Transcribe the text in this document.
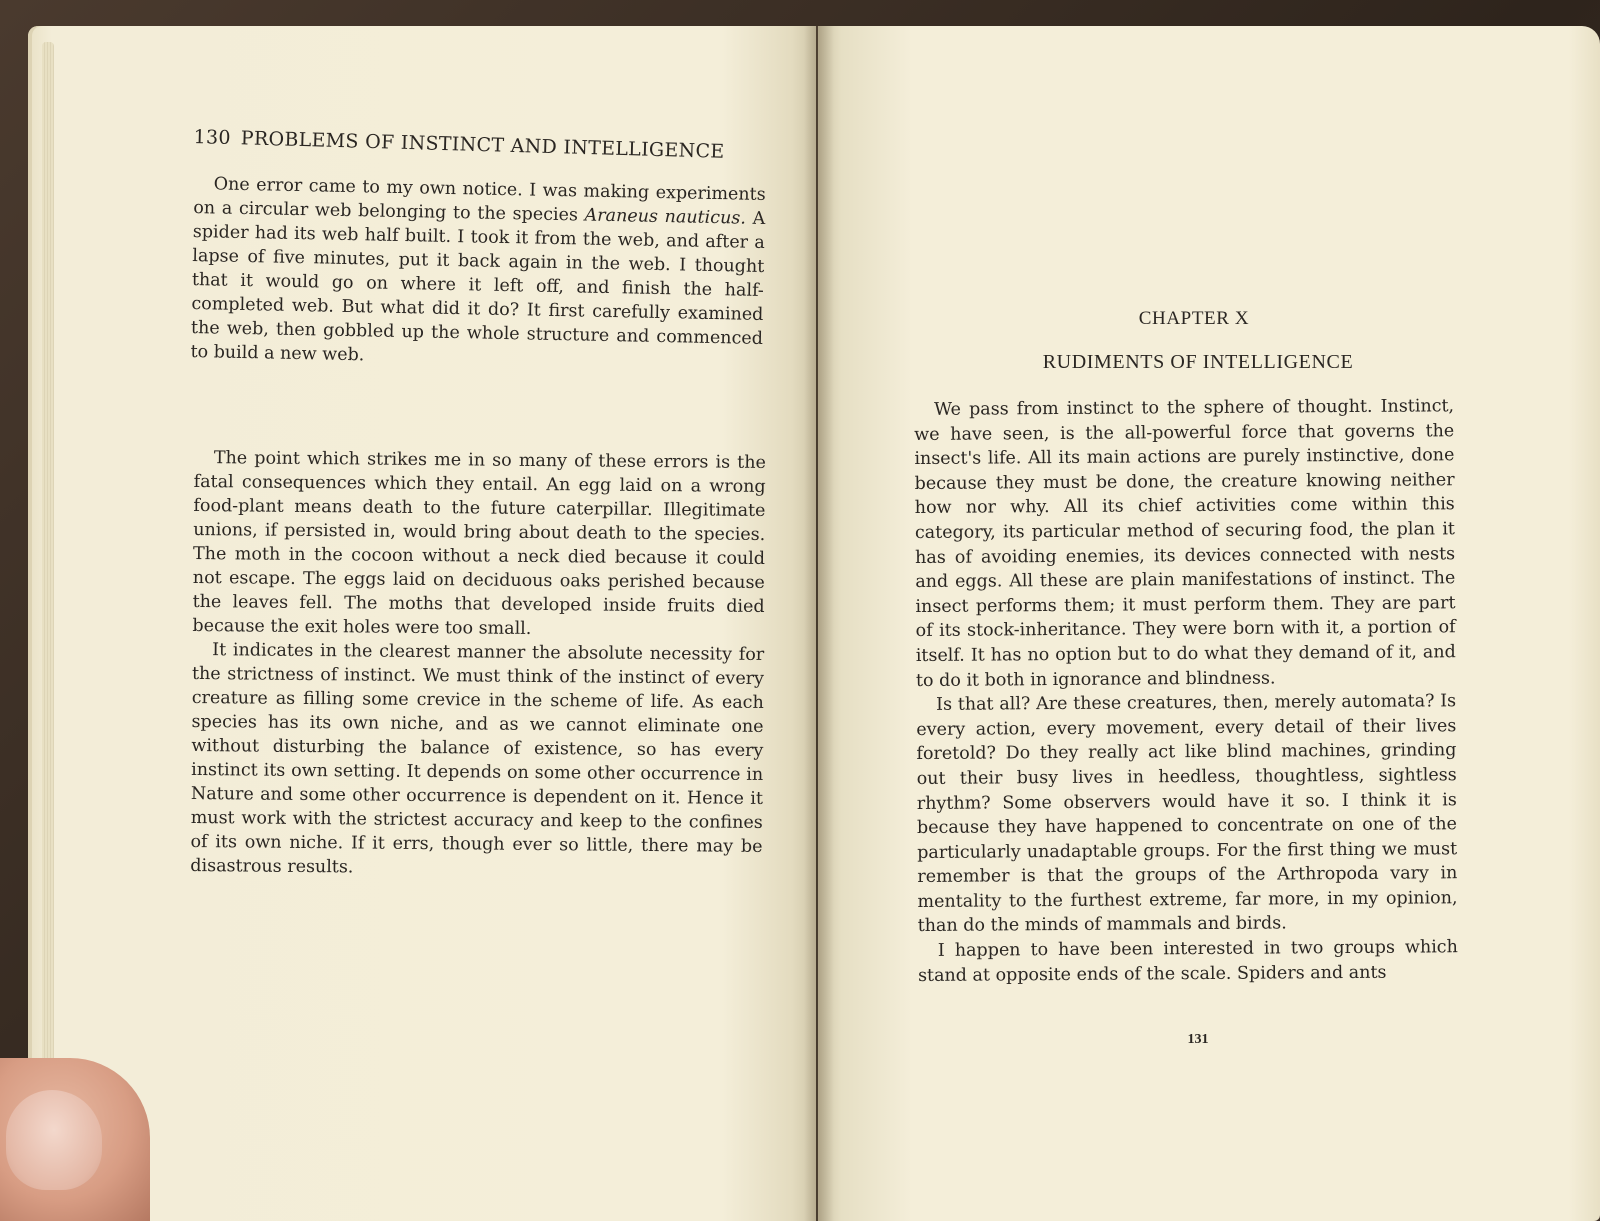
130 PROBLEMS OF INSTINCT AND INTELLIGENCE

One error came to my own notice. I was making experiments on a circular web belonging to the species Araneus nauticus. A spider had its web half built. I took it from the web, and after a lapse of five minutes, put it back again in the web. I thought that it would go on where it left off, and finish the half-completed web. But what did it do? It first carefully examined the web, then gobbled up the whole structure and commenced to build a new web.

The point which strikes me in so many of these errors is the fatal consequences which they entail. An egg laid on a wrong food-plant means death to the future caterpillar. Illegitimate unions, if persisted in, would bring about death to the species. The moth in the cocoon without a neck died because it could not escape. The eggs laid on deciduous oaks perished because the leaves fell. The moths that developed inside fruits died because the exit holes were too small.

It indicates in the clearest manner the absolute necessity for the strictness of instinct. We must think of the instinct of every creature as filling some crevice in the scheme of life. As each species has its own niche, and as we cannot eliminate one without disturbing the balance of existence, so has every instinct its own setting. It depends on some other occurrence in Nature and some other occurrence is dependent on it. Hence it must work with the strictest accuracy and keep to the confines of its own niche. If it errs, though ever so little, there may be disastrous results.

CHAPTER X
RUDIMENTS OF INTELLIGENCE

We pass from instinct to the sphere of thought. Instinct, we have seen, is the all-powerful force that governs the insect's life. All its main actions are purely instinctive, done because they must be done, the creature knowing neither how nor why. All its chief activities come within this category, its particular method of securing food, the plan it has of avoiding enemies, its devices connected with nests and eggs. All these are plain manifestations of instinct. The insect performs them; it must perform them. They are part of its stock-inheritance. They were born with it, a portion of itself. It has no option but to do what they demand of it, and to do it both in ignorance and blindness.

Is that all? Are these creatures, then, merely automata? Is every action, every movement, every detail of their lives foretold? Do they really act like blind machines, grinding out their busy lives in heedless, thoughtless, sightless rhythm? Some observers would have it so. I think it is because they have happened to concentrate on one of the particularly unadaptable groups. For the first thing we must remember is that the groups of the Arthropoda vary in mentality to the furthest extreme, far more, in my opinion, than do the minds of mammals and birds.

I happen to have been interested in two groups which stand at opposite ends of the scale. Spiders and ants

131
